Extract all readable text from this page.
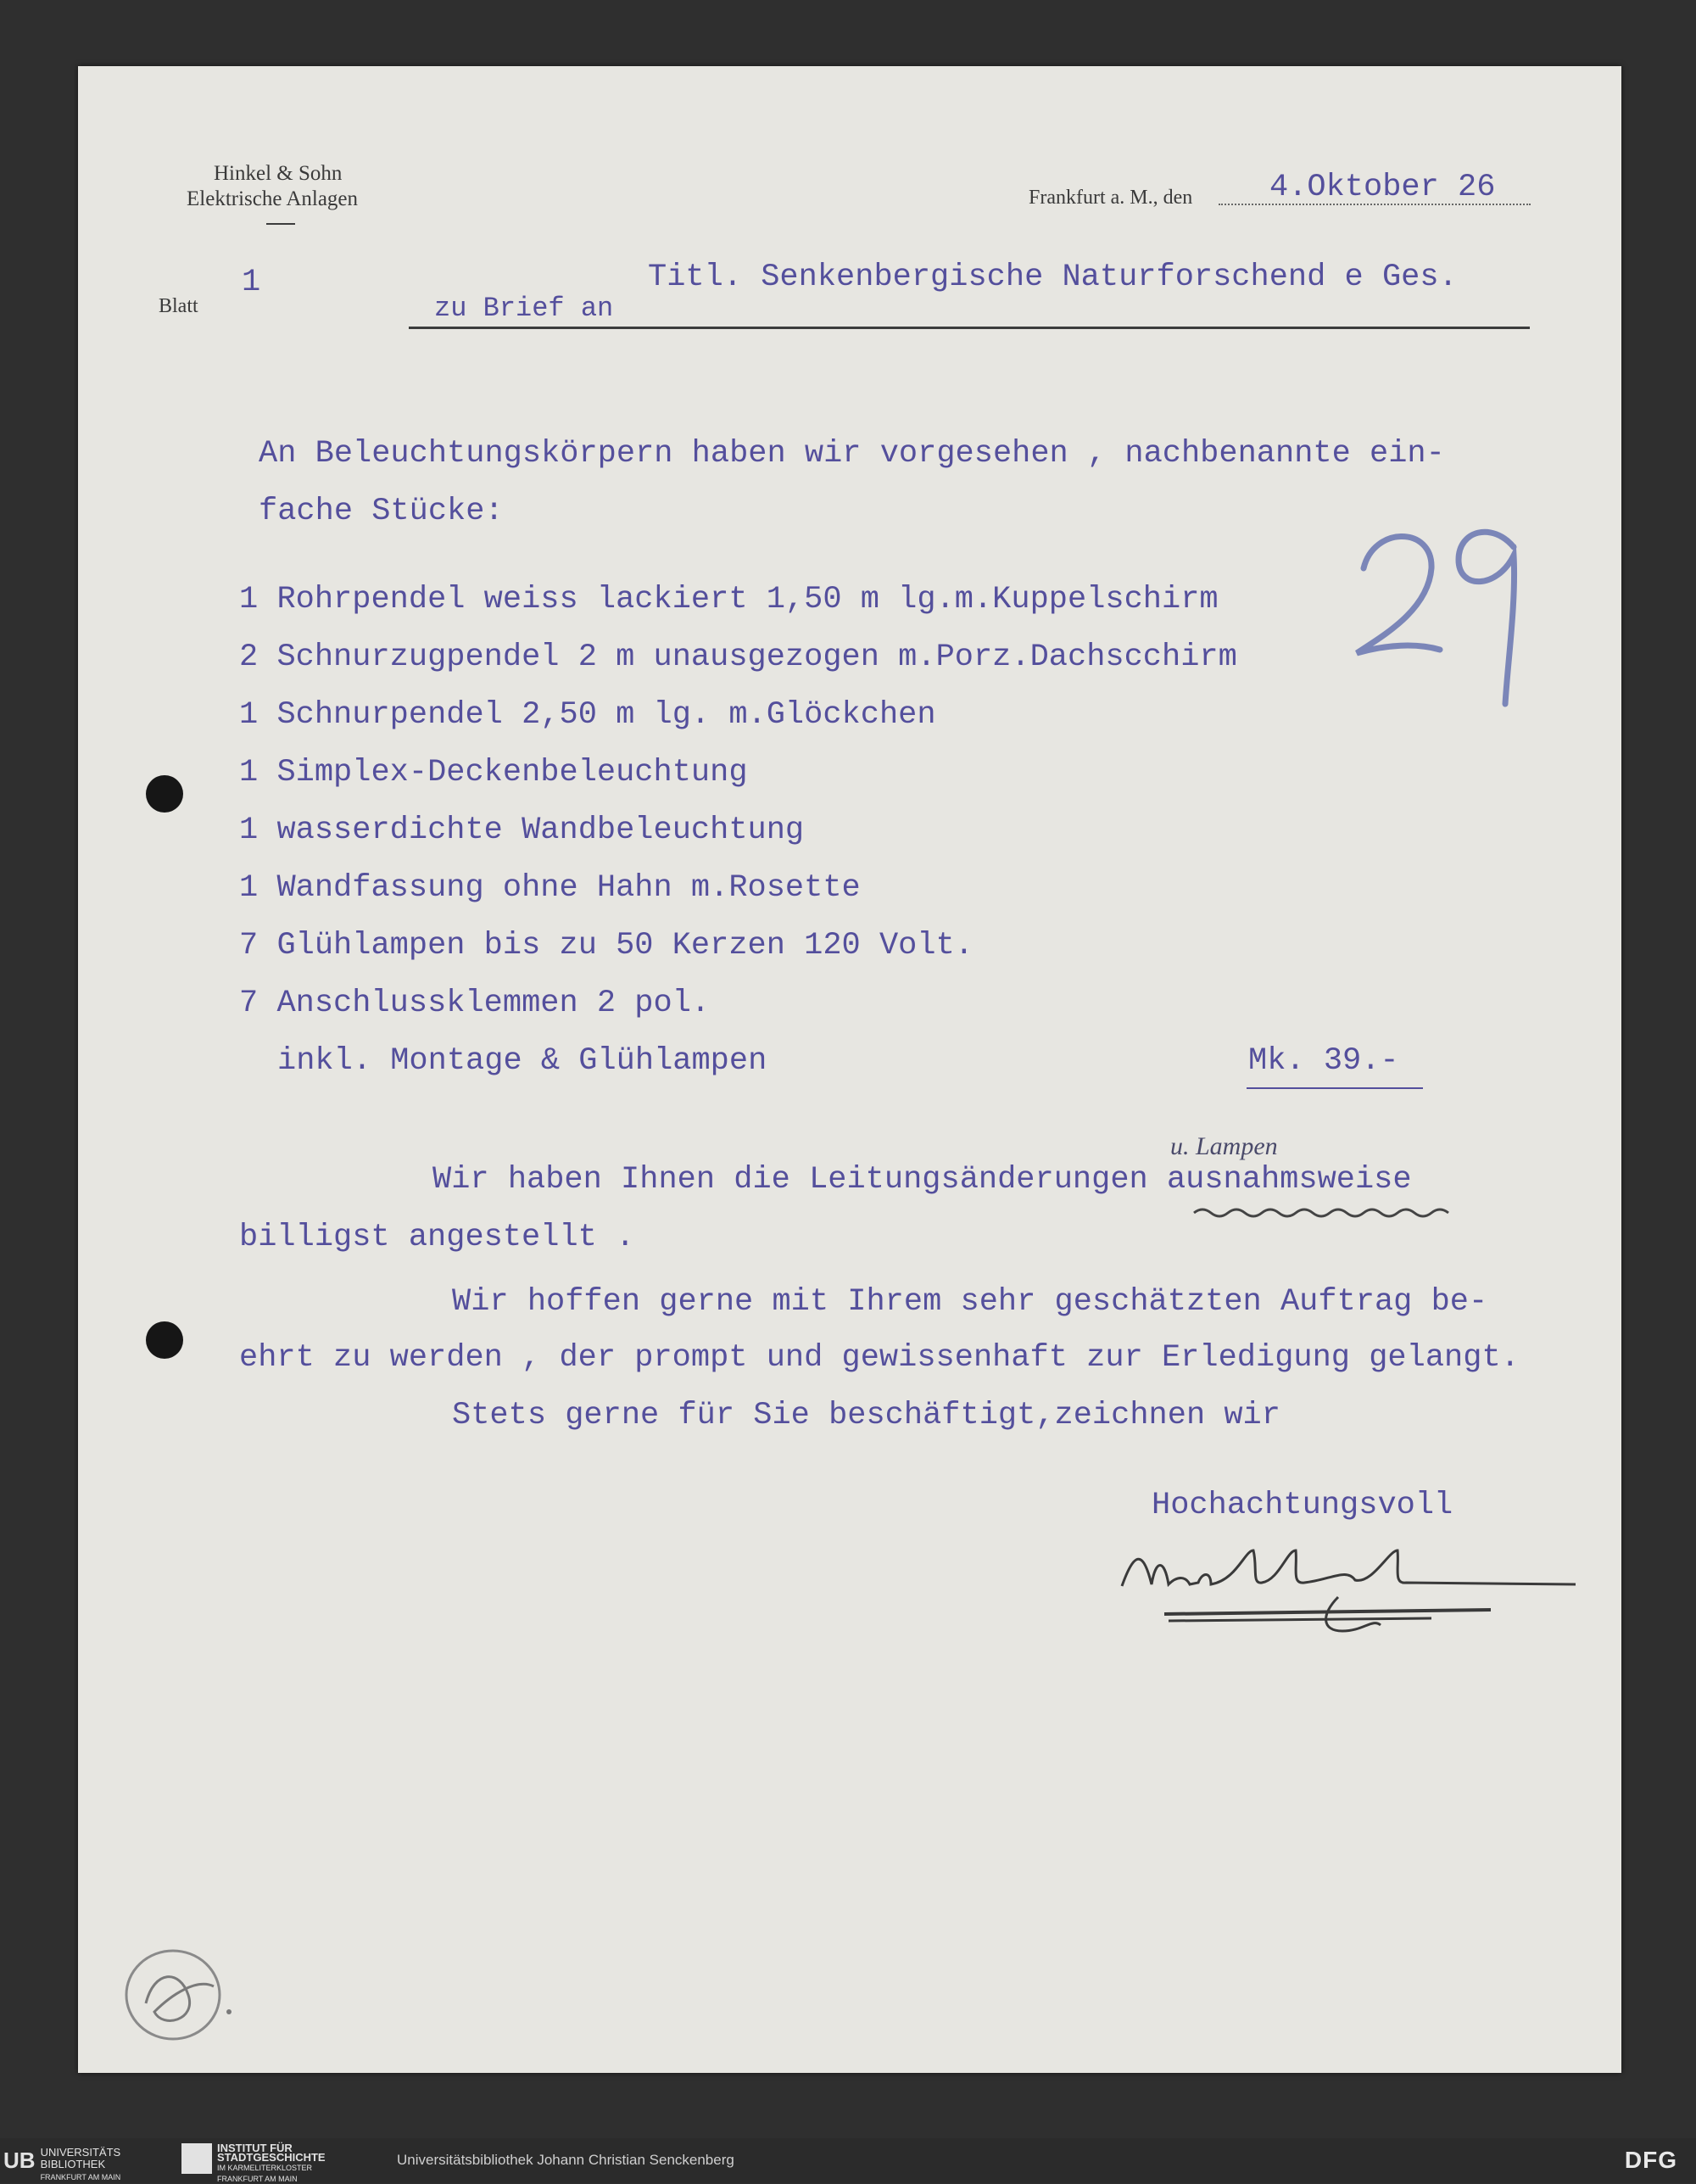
Hinkel & Sohn
Elektrische Anlagen	Frankfurt a. M., den 4.Oktober 26
Blatt
1	Titl. Senkenbergische Naturforschend e Ges.
zu Brief an
An Beleuchtungskörpern haben wir vorgesehen , nachbenannte ein-
fache Stücke:
1 Rohrpendel weiss lackiert 1,50 m lg.m.Kuppelschirm
2 Schnurzugpendel 2 m unausgezogen m.Porz.Dachscchirm
1 Schnurpendel 2,50 m lg. m.Glöckchen
1 Simplex-Deckenbeleuchtung
1 wasserdichte Wandbeleuchtung
1 Wandfassung ohne Hahn m.Rosette
7 Glühlampen bis zu 50 Kerzen 120 Volt.
7 Anschlussklemmen 2 pol.
inkl. Montage & Glühlampen	Mk. 39.-
Wir haben Ihnen die Leitungsänderungen ausnahmsweise
u. Lampen
billigst angestellt .
Wir hoffen gerne mit Ihrem sehr geschätzten Auftrag be-
ehrt zu werden , der prompt und gewissenhaft zur Erledigung gelangt.
Stets gerne für Sie beschäftigt,zeichnen wir
Hochachtungsvoll
UB UNIVERSITÄTS
BIBLIOTHEK
FRANKFURT AM MAIN
INSTITUT FÜR
STADTGESCHICHTE
IM KARMELITERKLOSTER
FRANKFURT AM MAIN
Universitätsbibliothek Johann Christian Senckenberg	DFG
